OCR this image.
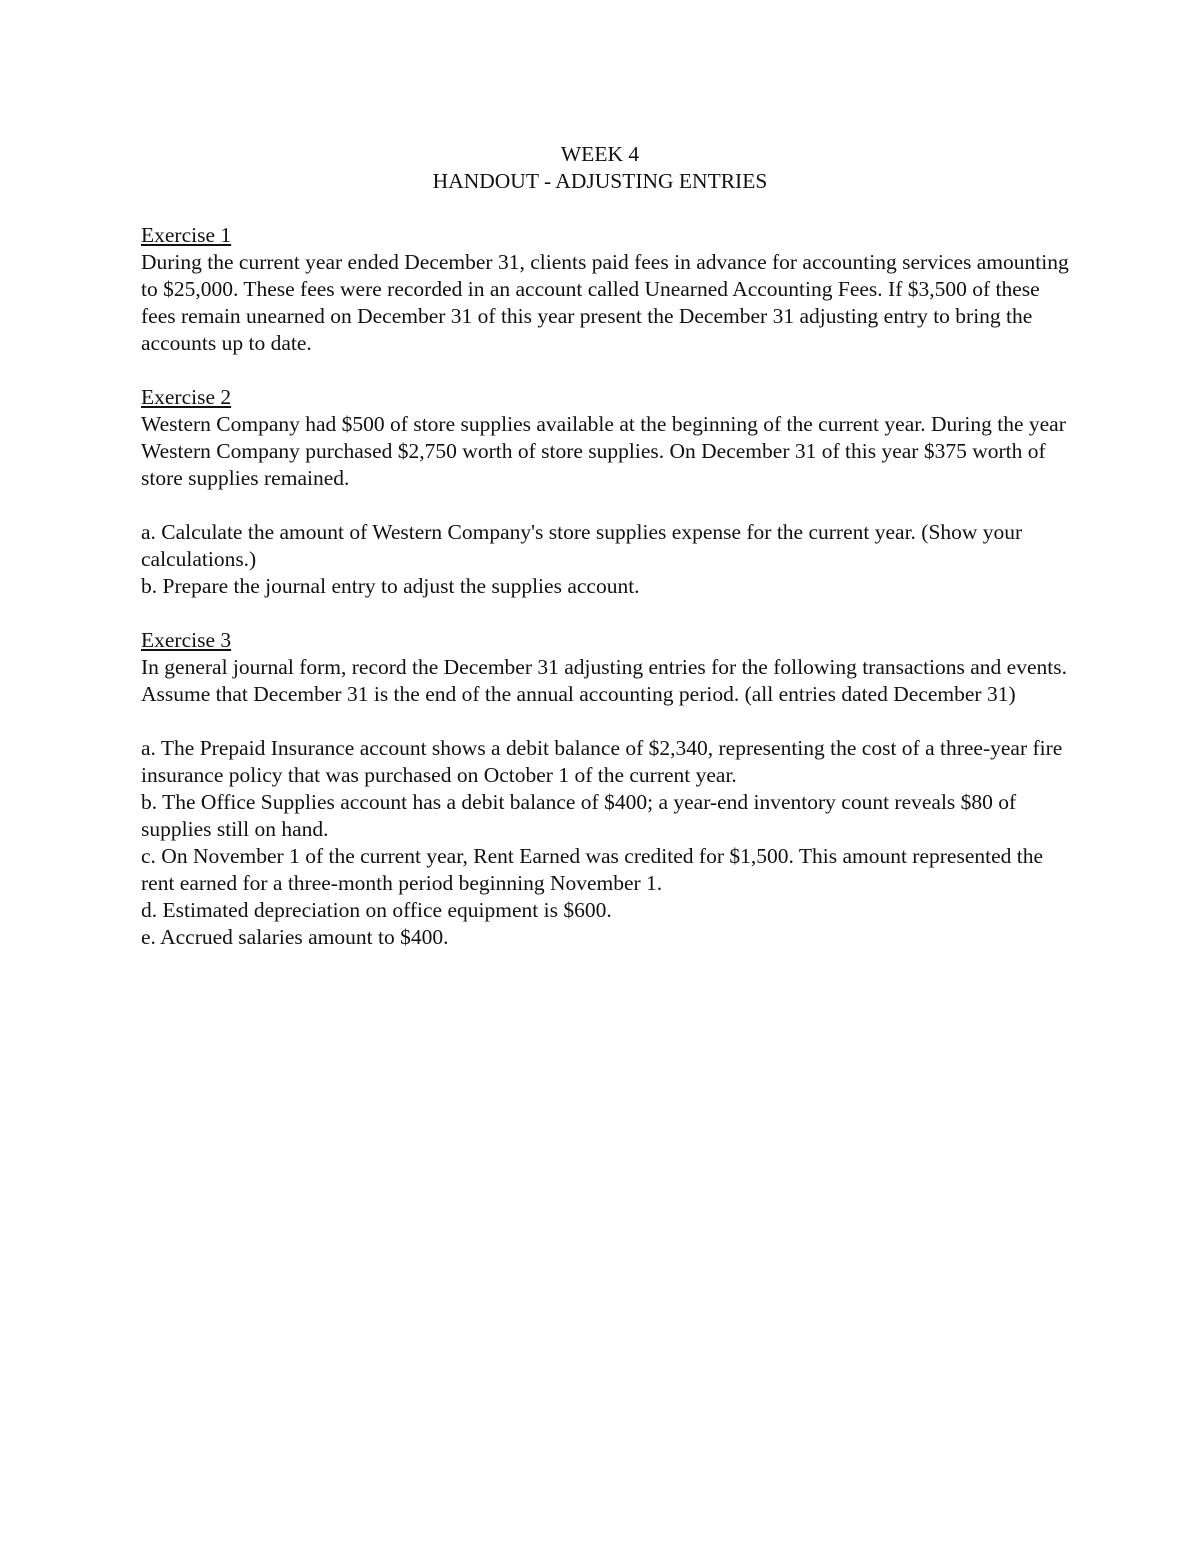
WEEK 4
HANDOUT - ADJUSTING ENTRIES
Exercise 1

During the current year ended December 31, clients paid fees in advance for accounting services amounting to $25,000. These fees were recorded in an account called Unearned Accounting Fees. If $3,500 of these fees remain unearned on December 31 of this year present the December 31 adjusting entry to bring the accounts up to date.

Exercise 2

Western Company had $500 of store supplies available at the beginning of the current year. During the year Western Company purchased $2,750 worth of store supplies. On December 31 of this year $375 worth of store supplies remained.

a. Calculate the amount of Western Company's store supplies expense for the current year. (Show your calculations.)
b. Prepare the journal entry to adjust the supplies account.
Exercise 3

In general journal form, record the December 31 adjusting entries for the following transactions and events. Assume that December 31 is the end of the annual accounting period. (all entries dated December 31)

a. The Prepaid Insurance account shows a debit balance of $2,340, representing the cost of a three-year fire insurance policy that was purchased on October 1 of the current year.
b. The Office Supplies account has a debit balance of $400; a year-end inventory count reveals $80 of supplies still on hand.
c. On November 1 of the current year, Rent Earned was credited for $1,500. This amount represented the rent earned for a three-month period beginning November 1.
d. Estimated depreciation on office equipment is $600.
e. Accrued salaries amount to $400.
